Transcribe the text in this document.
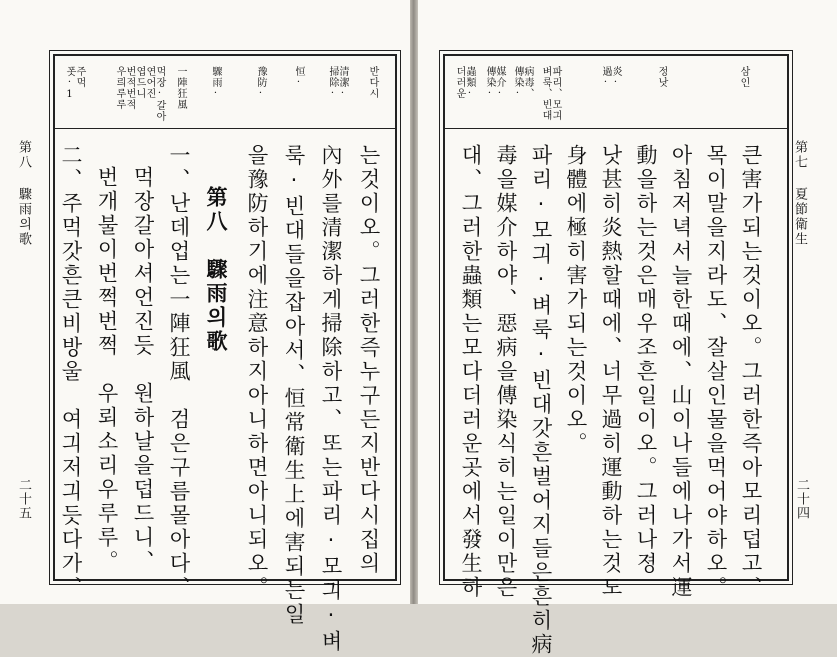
第八 驟雨의歌
二十五
반다시
清潔·
掃除·
恒·
豫防·
驟雨·
一陣狂風
먹장·갈아
연어진
엽드니
번적번적
우릐루루
주먹
폿·1
는것이오。그러한즉누구든지반다시집의
內外를清潔하게掃除하고、또는파리·모긔·벼
룩·빈대들을잡아서、恒常衛生上에害되는일
을豫防하기에注意하지아니하면아니되오。
第八　驟雨의歌
一、난데업는一陣狂風　검은구름몰아다、
먹장갈아셔언진듯　원하날을덥드니、
번개불이번쩍번쩍　우뢰소리우루루。
二、주먹갓흔큰비방울　여긔저긔듯다가、	第七 夏節衛生
二十四
삼인
정낫
炎·
過·
파리、모긔
벼룩、빈대
病毒、
傳染·
媒介·
傳染·
蟲類·
더러운
큰害가되는것이오。그러한즉아모리덥고、
목이말을지라도、잘살인물을먹어야하오。
아침저녁서늘한때에、山이나들에나가서運
動을하는것은매우조흔일이오。그러나졍
낫甚히炎熱할때에、너무過히運動하는것도
身體에極히害가되는것이오。
파리·모긔·벼룩·빈대갓흔벌어지들은흔히病
毒을媒介하야、惡病을傳染식히는일이만은
대、그러한蟲類는모다더러운곳에서發生하
